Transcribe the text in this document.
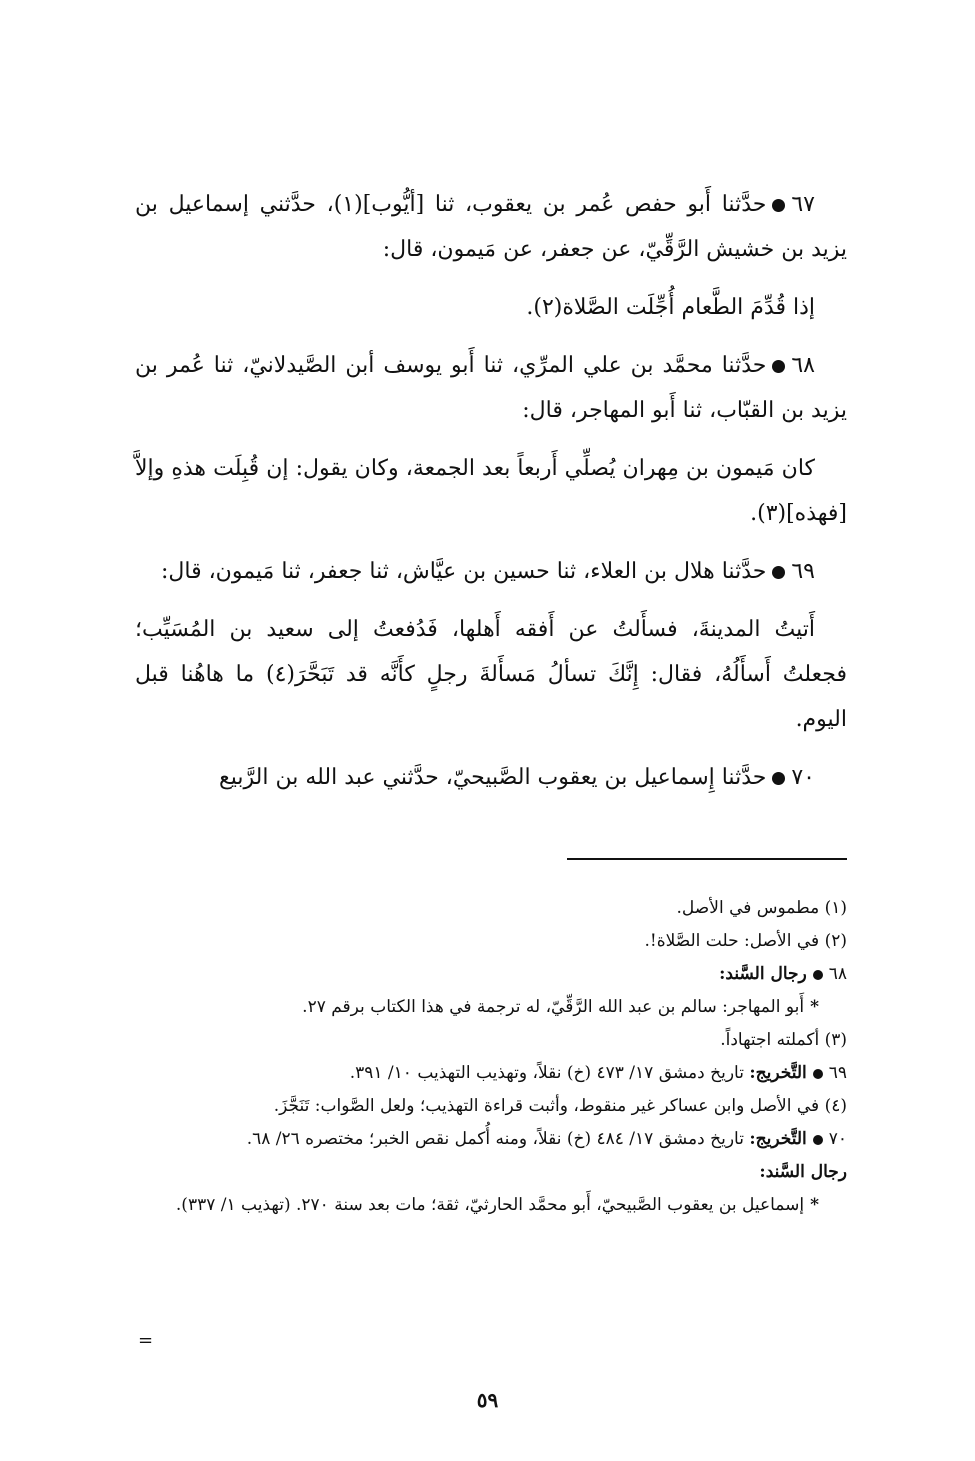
٦٧حدَّثنا أَبو حفص عُمر بن يعقوب، ثنا [أيُّوب](١)، حدَّثني إسماعيل بن يزيد بن خشيش الرَّقِّيّ، عن جعفر، عن مَيمون، قال:

إذا قُدِّمَ الطَّعام أُجِّلَت الصَّلاة(٢).

٦٨حدَّثنا محمَّد بن علي المرِّي، ثنا أَبو يوسف أبن الصَّيدلانيّ، ثنا عُمر بن يزيد بن القبّاب، ثنا أَبو المهاجر، قال:

كان مَيمون بن مِهران يُصلِّي أَربعاً بعد الجمعة، وكان يقول: إن قُبِلَت هذهِ وإلاَّ [فهذه](٣).

٦٩حدَّثنا هلال بن العلاء، ثنا حسين بن عيَّاش، ثنا جعفر، ثنا مَيمون، قال:

أَتيتُ المدينةَ، فسأَلتُ عن أَفقه أَهلها، فَدُفعتُ إلى سعيد بن المُسَيِّب؛ فجعلتُ أَسأَلُهُ، فقال: إِنَّكَ تسألُ مَسأَلةَ رجلٍ كأَنَّه قد تَبَحَّرَ(٤) ما هاهُنا قبل اليوم.

٧٠حدَّثنا إِسماعيل بن يعقوب الصَّبيحيّ، حدَّثني عبد الله بن الرَّبيع

(١) مطموس في الأصل.

(٢) في الأصل: حلت الصَّلاة!.

٦٨رجال السَّند:

*أَبو المهاجر: سالم بن عبد الله الرَّقِّيّ، له ترجمة في هذا الكتاب برقم ٢٧.

(٣) أكملته اجتهاداً.

٦٩التَّخريج: تاريخ دمشق ١٧/ ٤٧٣ (خ) نقلاً، وتهذيب التهذيب ١٠/ ٣٩١.

(٤) في الأصل وابن عساكر غير منقوط، وأثبت قراءة التهذيب؛ ولعل الصَّواب: تَنَجَّزَ.

٧٠التَّخريج: تاريخ دمشق ١٧/ ٤٨٤ (خ) نقلاً، ومنه أُكمل نقص الخبر؛ مختصره ٢٦/ ٦٨.

رجال السَّند:

*إسماعيل بن يعقوب الصَّبيحيّ، أَبو محمَّد الحارثيّ، ثقة؛ مات بعد سنة ٢٧٠. (تهذيب ١/ ٣٣٧).

=
٥٩
